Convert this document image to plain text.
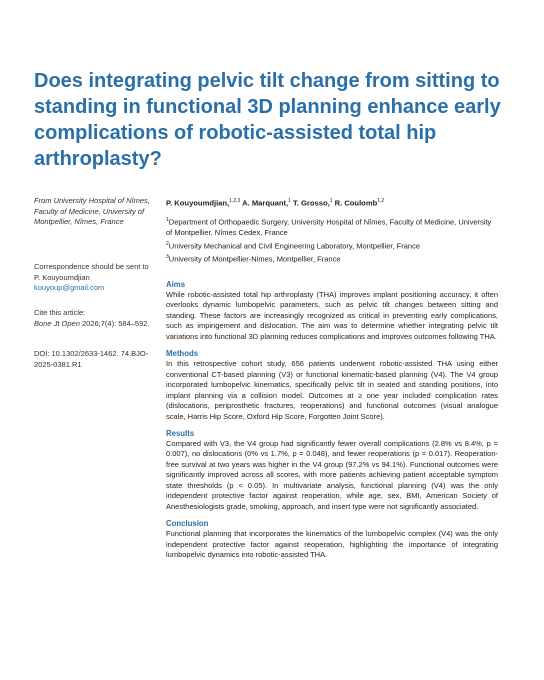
Does integrating pelvic tilt change from sitting to standing in functional 3D planning enhance early complications of robotic-assisted total hip arthroplasty?

From University Hospital of Nîmes, Faculty of Medicine, University of Montpellier, Nîmes, France

Correspondence should be sent to P. Kouyoumdjian

kouyoup@gmail.com

Cite this article:

Bone Jt Open 2026;7(4): 584–592.

DOI: 10.1302/2633-1462. 74.BJO-2025-0381.R1

P. Kouyoumdjian,$^{1,2,3}$ A. Marquant,$^1$ T. Grosso,$^1$ R. Coulomb$^{1,2}$

$^1$Department of Orthopaedic Surgery, University Hospital of Nîmes, Faculty of Medicine, University of Montpellier, Nîmes Cedex, France

$^2$University Mechanical and Civil Engineering Laboratory, Montpellier, France

$^3$University of Montpellier-Nimes, Montpellier, France

Aims

While robotic-assisted total hip arthroplasty (THA) improves implant positioning accuracy, it often overlooks dynamic lumbopelvic parameters, such as pelvic tilt changes between sitting and standing. These factors are increasingly recognized as critical in preventing early complications, such as impingement and dislocation. The aim was to determine whether integrating pelvic tilt variations into functional 3D planning reduces complications and improves outcomes following THA.

Methods

In this retrospective cohort study, 656 patients underwent robotic-assisted THA using either conventional CT-based planning (V3) or functional kinematic-based planning (V4). The V4 group incorporated lumbopelvic kinematics, specifically pelvic tilt in seated and standing positions, into implant planning via a collision model. Outcomes at ≥ one year included complication rates (dislocations, periprosthetic fractures, reoperations) and functional outcomes (visual analogue scale, Harris Hip Score, Oxford Hip Score, Forgotten Joint Score).

Results

Compared with V3, the V4 group had significantly fewer overall complications (2.8% vs 8.4%, p = 0.007), no dislocations (0% vs 1.7%, p = 0.048), and fewer reoperations (p = 0.017). Reoperation-free survival at two years was higher in the V4 group (97.2% vs 94.1%). Functional outcomes were significantly improved across all scores, with more patients achieving patient acceptable symptom state thresholds (p < 0.05). In multivariate analysis, functional planning (V4) was the only independent protective factor against reoperation, while age, sex, BMI, American Society of Anesthesiologists grade, smoking, approach, and insert type were not significantly associated.

Conclusion

Functional planning that incorporates the kinematics of the lumbopelvic complex (V4) was the only independent protective factor against reoperation, highlighting the importance of integrating lumbopelvic dynamics into robotic-assisted THA.
